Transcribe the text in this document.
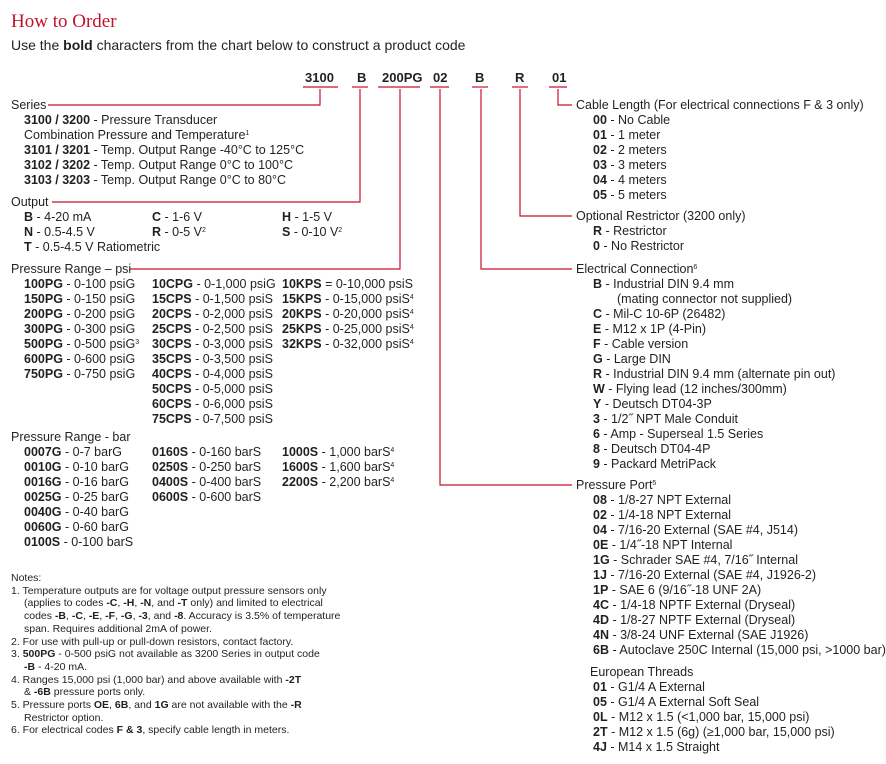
How to Order
Use the bold characters from the chart below to construct a product code
3100 B 200PG 02 B R 01
Series
3100 / 3200 - Pressure Transducer
Combination Pressure and Temperature$^1$
3101 / 3201 - Temp. Output Range -40°C to 125°C
3102 / 3202 - Temp. Output Range 0°C to 100°C
3103 / 3203 - Temp. Output Range 0°C to 80°C
Output
B - 4-20 mA
N - 0.5-4.5 V
T - 0.5-4.5 V Ratiometric
C - 1-6 V
R - 0-5 $V^2$
H - 1-5 V
S - 0-10 $V^2$
Pressure Range – psi
100PG - 0-100 psiG
150PG - 0-150 psiG
200PG - 0-200 psiG
300PG - 0-300 psiG
500PG - 0-500 psiG$^3$
600PG - 0-600 psiG
750PG - 0-750 psiG
10CPG - 0-1,000 psiG
15CPS - 0-1,500 psiS
20CPS - 0-2,000 psiS
25CPS - 0-2,500 psiS
30CPS - 0-3,000 psiS
35CPS - 0-3,500 psiS
40CPS - 0-4,000 psiS
50CPS - 0-5,000 psiS
60CPS - 0-6,000 psiS
75CPS - 0-7,500 psiS
10KPS = 0-10,000 psiS
15KPS - 0-15,000 psiS$^4$
20KPS - 0-20,000 psiS$^4$
25KPS - 0-25,000 psiS$^4$
32KPS - 0-32,000 psiS$^4$
Pressure Range - bar
0007G - 0-7 barG
0010G - 0-10 barG
0016G - 0-16 barG
0025G - 0-25 barG
0040G - 0-40 barG
0060G - 0-60 barG
0100S - 0-100 barS
0160S - 0-160 barS
0250S - 0-250 barS
0400S - 0-400 barS
0600S - 0-600 barS
1000S - 1,000 barS$^4$
1600S - 1,600 barS$^4$
2200S - 2,200 barS$^4$
Notes:
1. Temperature outputs are for voltage output pressure sensors only
(applies to codes -C, -H, -N, and -T only) and limited to electrical
codes -B, -C, -E, -F, -G, -3, and -8. Accuracy is 3.5% of temperature
span. Requires additional 2mA of power.
2. For use with pull-up or pull-down resistors, contact factory.
3. 500PG - 0-500 psiG not available as 3200 Series in output code
-B - 4-20 mA.
4. Ranges 15,000 psi (1,000 bar) and above available with -2T
& -6B pressure ports only.
5. Pressure ports OE, 6B, and 1G are not available with the -R
Restrictor option.
6. For electrical codes F & 3, specify cable length in meters.
Cable Length (For electrical connections F & 3 only)
00 - No Cable
01 - 1 meter
02 - 2 meters
03 - 3 meters
04 - 4 meters
05 - 5 meters
Optional Restrictor (3200 only)
R - Restrictor
0 - No Restrictor
Electrical Connection$^6$
B - Industrial DIN 9.4 mm
(mating connector not supplied)
C - Mil-C 10-6P (26482)
E - M12 x 1P (4-Pin)
F - Cable version
G - Large DIN
R - Industrial DIN 9.4 mm (alternate pin out)
W - Flying lead (12 inches/300mm)
Y - Deutsch DT04-3P
3 - 1/2˝ NPT Male Conduit
6 - Amp - Superseal 1.5 Series
8 - Deutsch DT04-4P
9 - Packard MetriPack
Pressure Port$^5$
08 - 1/8-27 NPT External
02 - 1/4-18 NPT External
04 - 7/16-20 External (SAE #4, J514)
0E - 1/4˝-18 NPT Internal
1G - Schrader SAE #4, 7/16˝ Internal
1J - 7/16-20 External (SAE #4, J1926-2)
1P - SAE 6 (9/16˝-18 UNF 2A)
4C - 1/4-18 NPTF External (Dryseal)
4D - 1/8-27 NPTF External (Dryseal)
4N - 3/8-24 UNF External (SAE J1926)
6B - Autoclave 250C Internal (15,000 psi, >1000 bar)
European Threads
01 - G1/4 A External
05 - G1/4 A External Soft Seal
0L - M12 x 1.5 (<1,000 bar, 15,000 psi)
2T - M12 x 1.5 (6g) (≥1,000 bar, 15,000 psi)
4J - M14 x 1.5 Straight
